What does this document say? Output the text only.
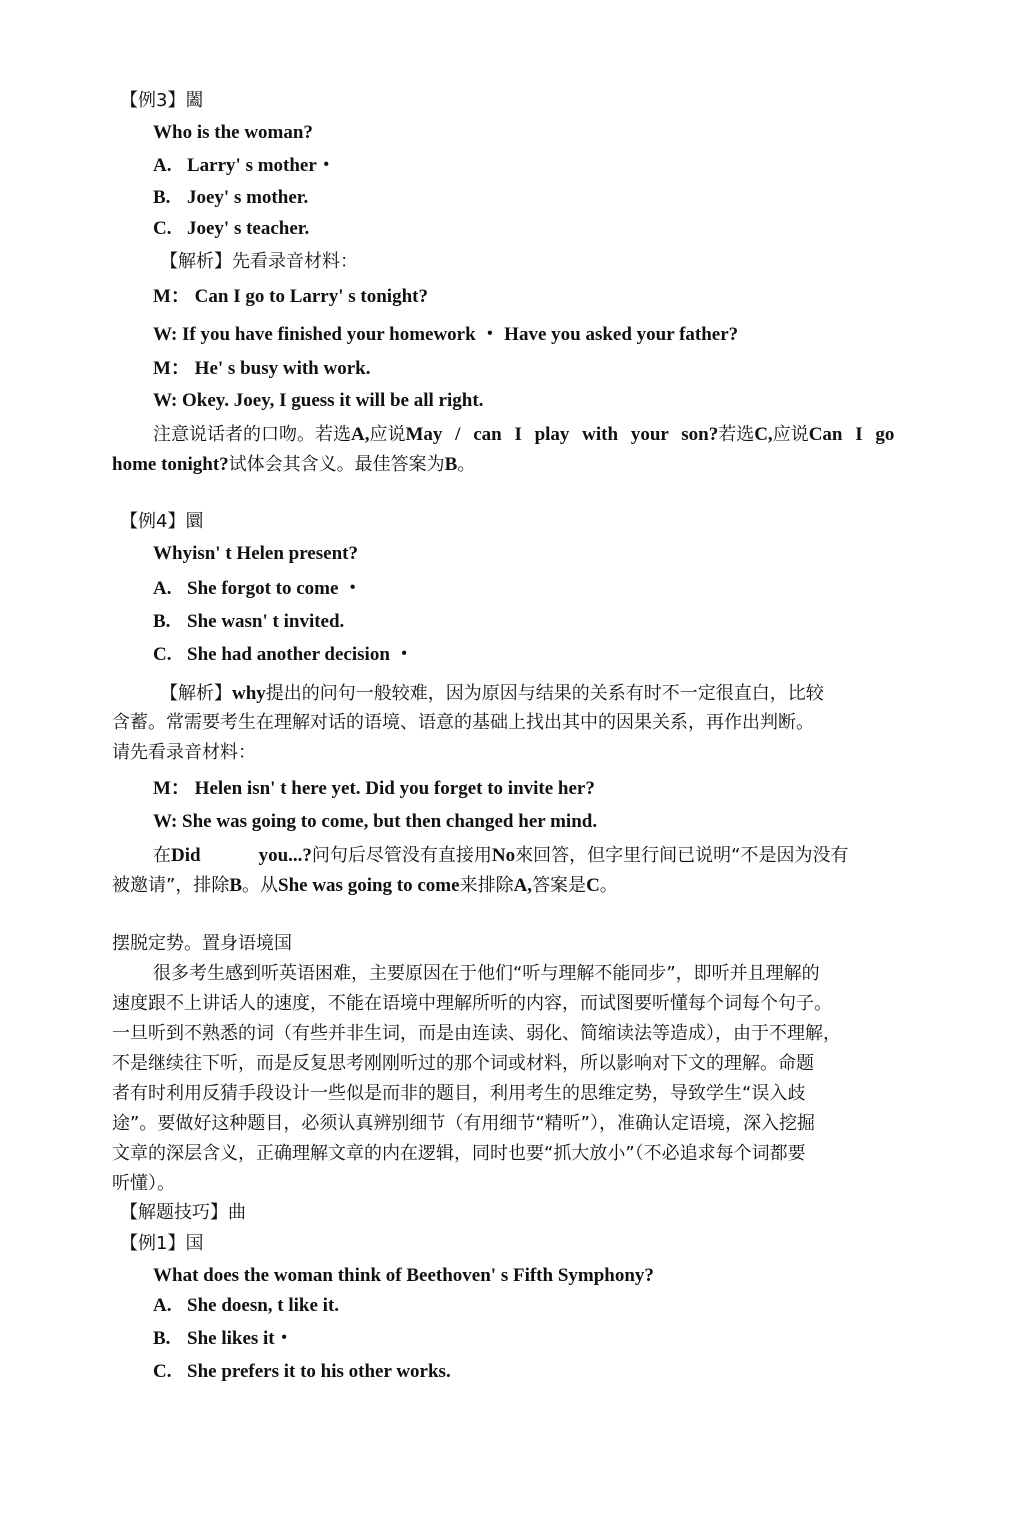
【例3】闔
Who is the woman?
A. Larry' s mother・
B. Joey' s mother.
C. Joey' s teacher.
【解析】先看录音材料：
M： Can I go to Larry' s tonight?
W: If you have finished your homework ・ Have you asked your father?
M： He' s busy with work.
W: Okey. Joey, I guess it will be all right.
注意说话者的口吻。若选A,应说May / can I play with your son?若选C,应说Can I go
home tonight?试体会其含义。最佳答案为B。
【例4】圜
Whyisn' t Helen present?
A. She forgot to come ・
B. She wasn' t invited.
C. She had another decision ・
【解析】why提出的问句一般较难，因为原因与结果的关系有时不一定很直白，比较
含蓄。常需要考生在理解对话的语境、语意的基础上找出其中的因果关系，再作出判断。
请先看录音材料：
M： Helen isn' t here yet. Did you forget to invite her?
W: She was going to come, but then changed her mind.
在Did	you...?问句后尽管没有直接用No來回答，但字里行间已说明“不是因为没有
被邀请”，排除B。从She was going to come来排除A,答案是C。
摆脱定势。置身语境国
很多考生感到听英语困难，主要原因在于他们“听与理解不能同步”，即听并且理解的
速度跟不上讲话人的速度，不能在语境中理解所听的内容，而试图要听懂每个词每个句子。
一旦听到不熟悉的词（有些并非生词，而是由连读、弱化、简缩读法等造成），由于不理解，
不是继续往下听，而是反复思考刚刚听过的那个词或材料，所以影响对下文的理解。命题
者有时利用反猜手段设计一些似是而非的题目，利用考生的思维定势，导致学生“误入歧
途”。要做好这种题目，必须认真辨别细节（有用细节“精听”），准确认定语境，深入挖掘
文章的深层含义，正确理解文章的内在逻辑，同时也要“抓大放小”（不必追求每个词都要
听懂）。
【解题技巧】曲
【例1】国
What does the woman think of Beethoven' s Fifth Symphony?
A. She doesn, t like it.
B. She likes it・
C. She prefers it to his other works.
